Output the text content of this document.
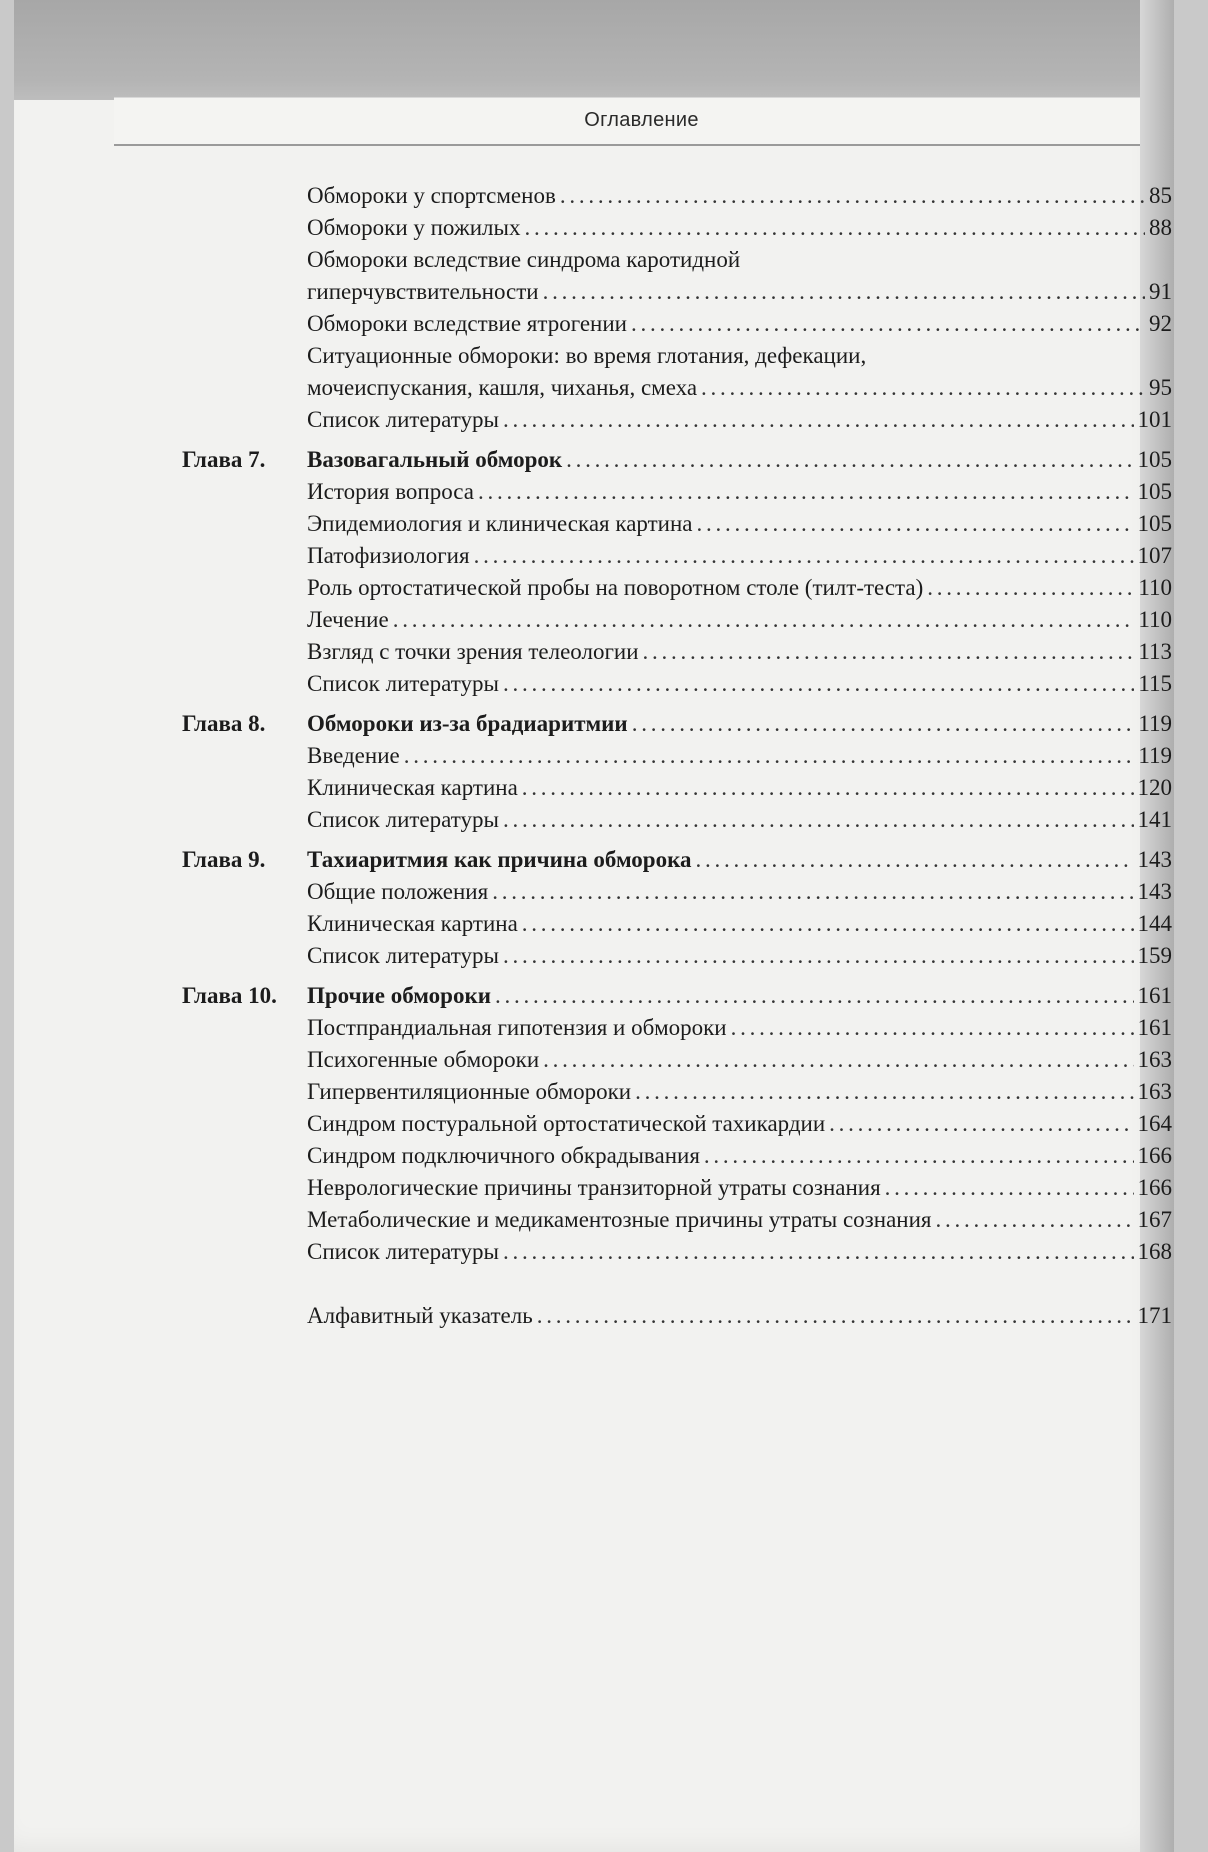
Оглавление
Обмороки у спортсменов . . .	85
Обмороки у пожилых . . .	88
Обмороки вследствие синдрома каротидной
гиперчувствительности . . .	91
Обмороки вследствие ятрогении . . .	92
Ситуационные обмороки: во время глотания, дефекации,
мочеиспускания, кашля, чиханья, смеха . . .	95
Список литературы . . .	101
Глава 7. Вазовагальный обморок . . .	105
История вопроса . . .	105
Эпидемиология и клиническая картина . . .	105
Патофизиология . . .	107
Роль ортостатической пробы на поворотном столе (тилт-теста) . . .	110
Лечение . . .	110
Взгляд с точки зрения телеологии . . .	113
Список литературы . . .	115
Глава 8. Обмороки из-за брадиаритмии . . .	119
Введение . . .	119
Клиническая картина . . .	120
Список литературы . . .	141
Глава 9. Тахиаритмия как причина обморока . . .	143
Общие положения . . .	143
Клиническая картина . . .	144
Список литературы . . .	159
Глава 10. Прочие обмороки . . .	161
Постпрандиальная гипотензия и обмороки . . .	161
Психогенные обмороки . . .	163
Гипервентиляционные обмороки . . .	163
Синдром постуральной ортостатической тахикардии . . .	164
Синдром подключичного обкрадывания . . .	166
Неврологические причины транзиторной утраты сознания . . .	166
Метаболические и медикаментозные причины утраты сознания . . .	167
Список литературы . . .	168
Алфавитный указатель . . .	171
